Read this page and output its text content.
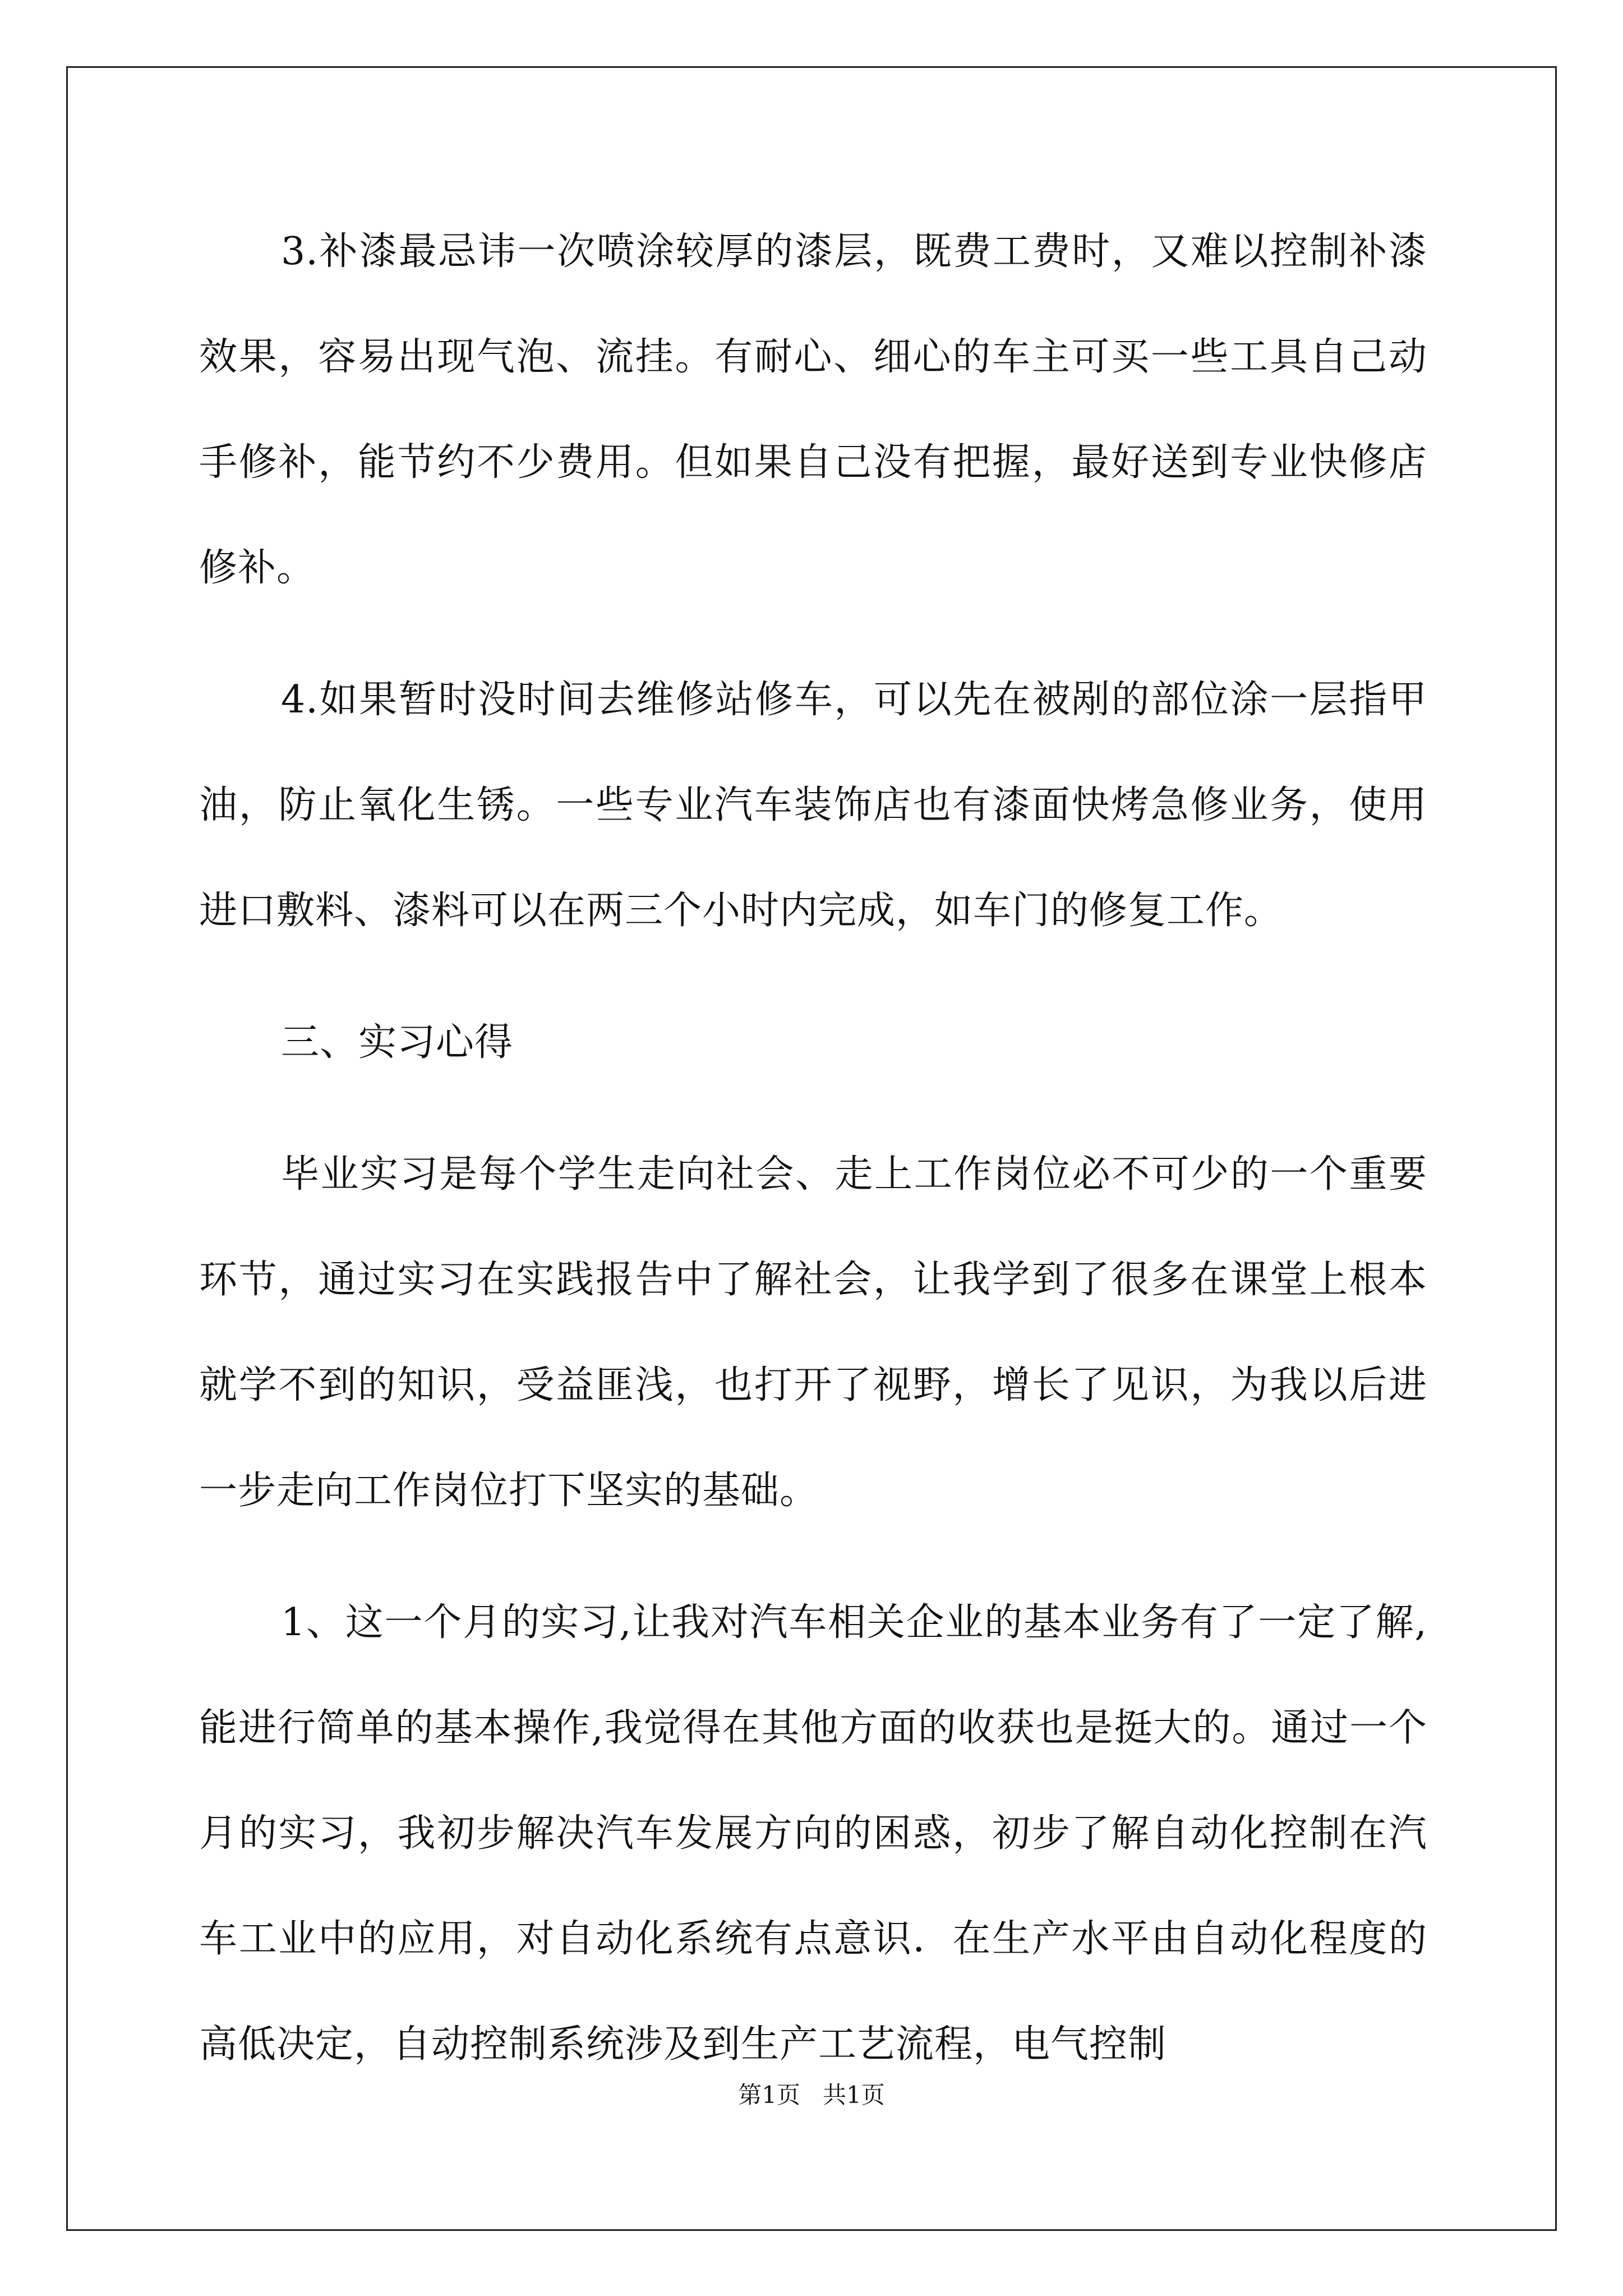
3.补漆最忌讳一次喷涂较厚的漆层，既费工费时，又难以控制补漆效果，容易出现气泡、流挂。有耐心、细心的车主可买一些工具自己动手修补，能节约不少费用。但如果自己没有把握，最好送到专业快修店修补。

4.如果暂时没时间去维修站修车，可以先在被剐的部位涂一层指甲油，防止氧化生锈。一些专业汽车装饰店也有漆面快烤急修业务，使用进口敷料、漆料可以在两三个小时内完成，如车门的修复工作。

三、实习心得

毕业实习是每个学生走向社会、走上工作岗位必不可少的一个重要环节，通过实习在实践报告中了解社会，让我学到了很多在课堂上根本就学不到的知识，受益匪浅，也打开了视野，增长了见识，为我以后进一步走向工作岗位打下坚实的基础。

1、这一个月的实习,让我对汽车相关企业的基本业务有了一定了解,能进行简单的基本操作,我觉得在其他方面的收获也是挺大的。通过一个月的实习，我初步解决汽车发展方向的困惑，初步了解自动化控制在汽车工业中的应用，对自动化系统有点意识．在生产水平由自动化程度的高低决定，自动控制系统涉及到生产工艺流程，电气控制

第1页 共1页
